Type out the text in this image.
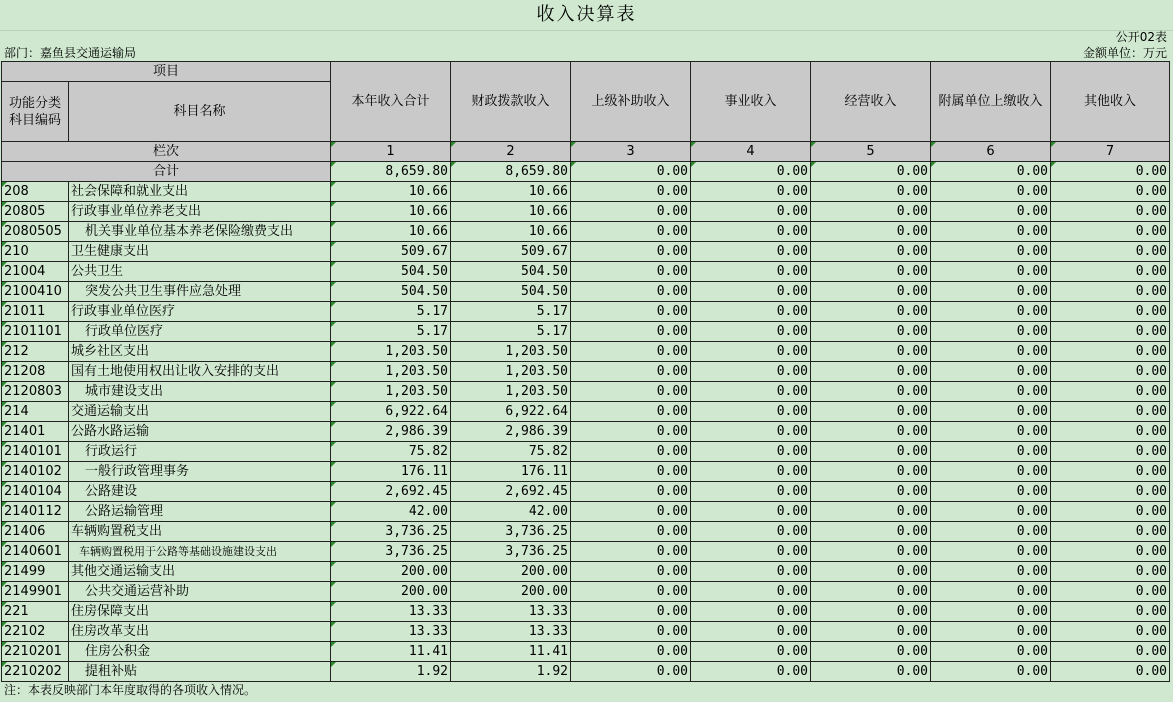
收入决算表
公开02表
部门：嘉鱼县交通运输局	金额单位：万元
项目		本年收入合计	财政拨款收入	上级补助收入	事业收入	经营收入	附属单位上缴收入	其他收入
功能分类科目编码	科目名称							
栏次		1	2	3	4	5	6	7
合计		8,659.80	8,659.80	0.00	0.00	0.00	0.00	0.00
208	社会保障和就业支出	10.66	10.66	0.00	0.00	0.00	0.00	0.00
20805	行政事业单位养老支出	10.66	10.66	0.00	0.00	0.00	0.00	0.00
2080505	机关事业单位基本养老保险缴费支出	10.66	10.66	0.00	0.00	0.00	0.00	0.00
210	卫生健康支出	509.67	509.67	0.00	0.00	0.00	0.00	0.00
21004	公共卫生	504.50	504.50	0.00	0.00	0.00	0.00	0.00
2100410	突发公共卫生事件应急处理	504.50	504.50	0.00	0.00	0.00	0.00	0.00
21011	行政事业单位医疗	5.17	5.17	0.00	0.00	0.00	0.00	0.00
2101101	行政单位医疗	5.17	5.17	0.00	0.00	0.00	0.00	0.00
212	城乡社区支出	1,203.50	1,203.50	0.00	0.00	0.00	0.00	0.00
21208	国有土地使用权出让收入安排的支出	1,203.50	1,203.50	0.00	0.00	0.00	0.00	0.00
2120803	城市建设支出	1,203.50	1,203.50	0.00	0.00	0.00	0.00	0.00
214	交通运输支出	6,922.64	6,922.64	0.00	0.00	0.00	0.00	0.00
21401	公路水路运输	2,986.39	2,986.39	0.00	0.00	0.00	0.00	0.00
2140101	行政运行	75.82	75.82	0.00	0.00	0.00	0.00	0.00
2140102	一般行政管理事务	176.11	176.11	0.00	0.00	0.00	0.00	0.00
2140104	公路建设	2,692.45	2,692.45	0.00	0.00	0.00	0.00	0.00
2140112	公路运输管理	42.00	42.00	0.00	0.00	0.00	0.00	0.00
21406	车辆购置税支出	3,736.25	3,736.25	0.00	0.00	0.00	0.00	0.00
2140601	车辆购置税用于公路等基础设施建设支出	3,736.25	3,736.25	0.00	0.00	0.00	0.00	0.00
21499	其他交通运输支出	200.00	200.00	0.00	0.00	0.00	0.00	0.00
2149901	公共交通运营补助	200.00	200.00	0.00	0.00	0.00	0.00	0.00
221	住房保障支出	13.33	13.33	0.00	0.00	0.00	0.00	0.00
22102	住房改革支出	13.33	13.33	0.00	0.00	0.00	0.00	0.00
2210201	住房公积金	11.41	11.41	0.00	0.00	0.00	0.00	0.00
2210202	提租补贴	1.92	1.92	0.00	0.00	0.00	0.00	0.00
注：本表反映部门本年度取得的各项收入情况。
